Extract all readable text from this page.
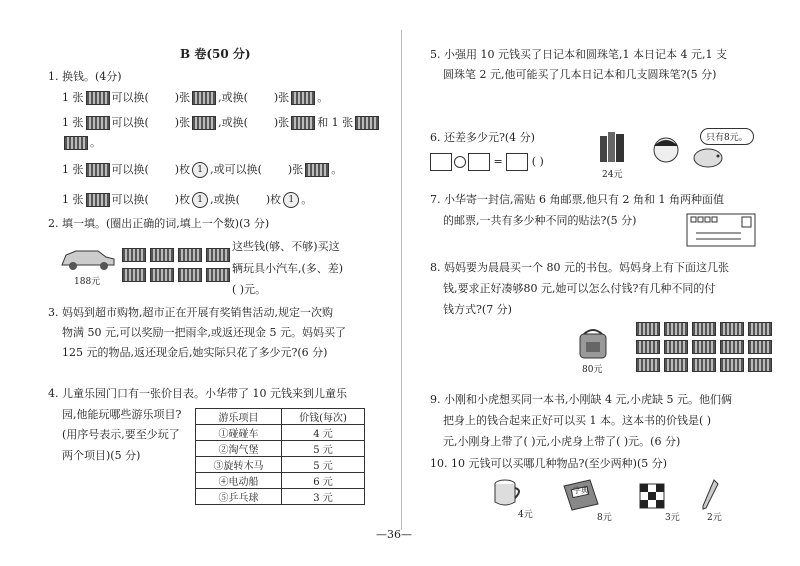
B 卷(50 分)
1. 换钱。(4分)
1 张	可以换( )张	,或换( )张	。
1 张	可以换( )张	,或换( )张	和 1 张
。
1 张	可以换( )枚 1 ,或可以换( )张	。
1 张	可以换( )枚 1 ,或换( )枚 1 。
2. 填一填。(圈出正确的词,填上一个数)(3 分)
188元
这些钱(够、不够)买这
辆玩具小汽车,(多、差)
( )元。
3. 妈妈到超市购物,超市正在开展有奖销售活动,规定一次购
物满 50 元,可以奖励一把雨伞,或返还现金 5 元。妈妈买了
125 元的物品,返还现金后,她实际只花了多少元?(6 分)
4. 儿童乐园门口有一张价目表。小华带了 10 元钱来到儿童乐
园,他能玩哪些游乐项目?
(用序号表示,要至少玩了
两个项目)(5 分)
游乐项目	价钱(每次)
①碰碰车	4 元
②淘气堡	5 元
③旋转木马	5 元
④电动船	6 元
⑤乒乓球	3 元
5. 小强用 10 元钱买了日记本和圆珠笔,1 本日记本 4 元,1 支
圆珠笔 2 元,他可能买了几本日记本和几支圆珠笔?(5 分)
6. 还差多少元?(4 分)
=  ( )
24元
只有8元。
7. 小华寄一封信,需贴 6 角邮票,他只有 2 角和 1 角两种面值
的邮票,一共有多少种不同的贴法?(5 分)
8. 妈妈要为晨晨买一个 80 元的书包。妈妈身上有下面这几张
钱,要求正好凑够80 元,她可以怎么付钱?有几种不同的付
钱方式?(7 分)
80元
9. 小刚和小虎想买同一本书,小刚缺 4 元,小虎缺 5 元。他们俩
把身上的钱合起来正好可以买 1 本。这本书的价钱是( )
元,小刚身上带了( )元,小虎身上带了( )元。(6 分)
10. 10 元钱可以买哪几种物品?(至少两种)(5 分)
4元
字典
8元	3元	2元
—36—
